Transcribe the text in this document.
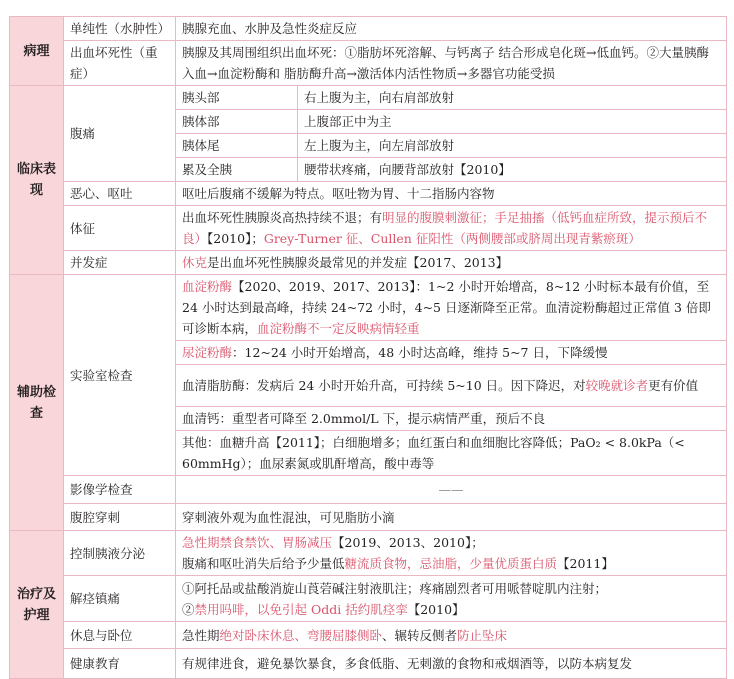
病理	单纯性（水肿性）	胰腺充血、水肿及急性炎症反应	
	出血坏死性（重症）	胰腺及其周围组织出血坏死：①脂肪坏死溶解、与钙离子 结合形成皂化斑→低血钙。②大量胰酶入血→血淀粉酶和 脂肪酶升高→激活体内活性物质→多器官功能受损	
临床表现	腹痛	胰头部	右上腹为主，向右肩部放射
		胰体部	上腹部正中为主
		胰体尾	左上腹为主，向左肩部放射
		累及全胰	腰带状疼痛，向腰背部放射【2010】
	恶心、呕吐	呕吐后腹痛不缓解为特点。呕吐物为胃、十二指肠内容物	
	体征	出血坏死性胰腺炎高热持续不退；有明显的腹膜刺激征；手足抽搐（低钙血症所致，提示预后不良）【2010】；Grey-Turner 征、Cullen 征阳性（两侧腰部或脐周出现青紫瘀斑）	
	并发症	休克是出血坏死性胰腺炎最常见的并发症【2017、2013】	
辅助检查	实验室检查	血淀粉酶【2020、2019、2017、2013】：1~2 小时开始增高，8~12 小时标本最有价值，至 24 小时达到最高峰，持续 24~72 小时，4~5 日逐渐降至正常。血清淀粉酶超过正常值 3 倍即可诊断本病，血淀粉酶不一定反映病情轻重	
		尿淀粉酶：12~24 小时开始增高，48 小时达高峰，维持 5~7 日，下降缓慢	
		血清脂肪酶：发病后 24 小时开始升高，可持续 5~10 日。因下降迟，对较晚就诊者更有价值	
		血清钙：重型者可降至 2.0mmol/L 下，提示病情严重，预后不良	
		其他：血糖升高【2011】；白细胞增多；血红蛋白和血细胞比容降低；PaO₂ < 8.0kPa（< 60mmHg）；血尿素氮或肌酐增高，酸中毒等	
	影像学检查	——	

	腹腔穿刺	穿刺液外观为血性混浊，可见脂肪小滴	
治疗及护理	控制胰液分泌	急性期禁食禁饮、胃肠减压【2019、2013、2010】；
腹痛和呕吐消失后给予少量低糖流质食物，忌油脂，少量优质蛋白质【2011】	
	解痉镇痛	①阿托品或盐酸消旋山莨菪碱注射液肌注；疼痛剧烈者可用哌替啶肌内注射；
②禁用吗啡，以免引起 Oddi 括约肌痉挛【2010】	
	休息与卧位	急性期绝对卧床休息、弯腰屈膝侧卧、辗转反侧者防止坠床	
	健康教育	有规律进食，避免暴饮暴食，多食低脂、无刺激的食物和戒烟酒等，以防本病复发	
